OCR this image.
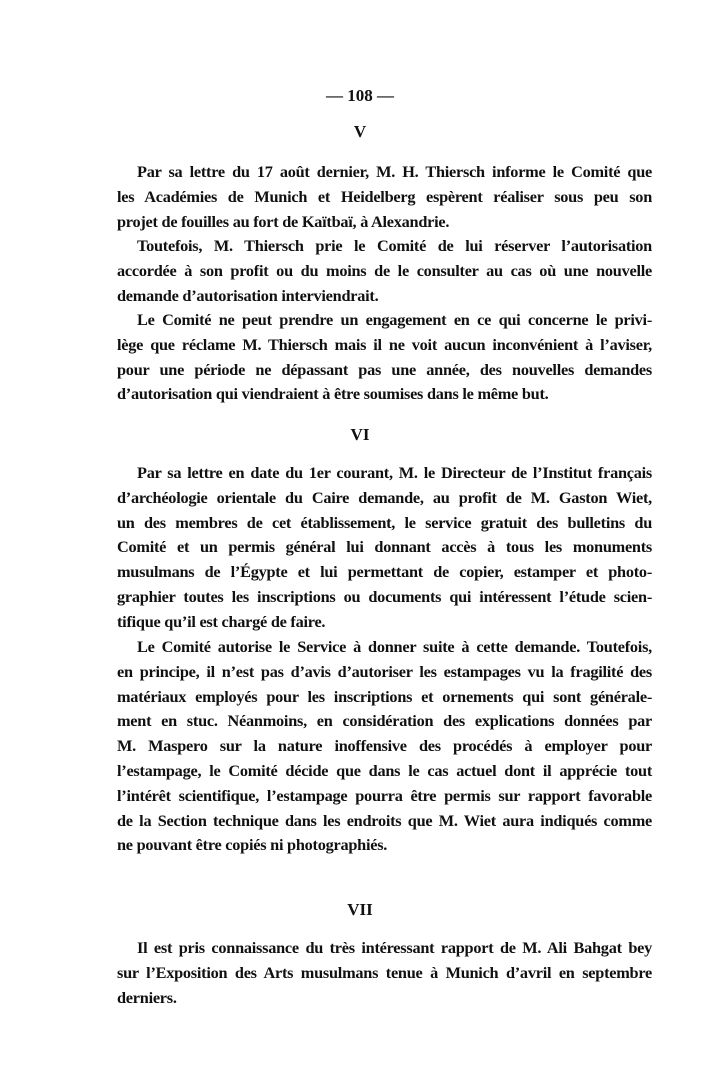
— 108 —
V
Par sa lettre du 17 août dernier, M. H. Thiersch informe le Comité que
les Académies de Munich et Heidelberg espèrent réaliser sous peu son
projet de fouilles au fort de Kaïtbaï, à Alexandrie.
Toutefois, M. Thiersch prie le Comité de lui réserver l’autorisation
accordée à son profit ou du moins de le consulter au cas où une nouvelle
demande d’autorisation interviendrait.
Le Comité ne peut prendre un engagement en ce qui concerne le privi-
lège que réclame M. Thiersch mais il ne voit aucun inconvénient à l’aviser,
pour une période ne dépassant pas une année, des nouvelles demandes
d’autorisation qui viendraient à être soumises dans le même but.
VI
Par sa lettre en date du 1er courant, M. le Directeur de l’Institut français
d’archéologie orientale du Caire demande, au profit de M. Gaston Wiet,
un des membres de cet établissement, le service gratuit des bulletins du
Comité et un permis général lui donnant accès à tous les monuments
musulmans de l’Égypte et lui permettant de copier, estamper et photo-
graphier toutes les inscriptions ou documents qui intéressent l’étude scien-
tifique qu’il est chargé de faire.
Le Comité autorise le Service à donner suite à cette demande. Toutefois,
en principe, il n’est pas d’avis d’autoriser les estampages vu la fragilité des
matériaux employés pour les inscriptions et ornements qui sont générale-
ment en stuc. Néanmoins, en considération des explications données par
M. Maspero sur la nature inoffensive des procédés à employer pour
l’estampage, le Comité décide que dans le cas actuel dont il apprécie tout
l’intérêt scientifique, l’estampage pourra être permis sur rapport favorable
de la Section technique dans les endroits que M. Wiet aura indiqués comme
ne pouvant être copiés ni photographiés.
VII
Il est pris connaissance du très intéressant rapport de M. Ali Bahgat bey
sur l’Exposition des Arts musulmans tenue à Munich d’avril en septembre
derniers.
